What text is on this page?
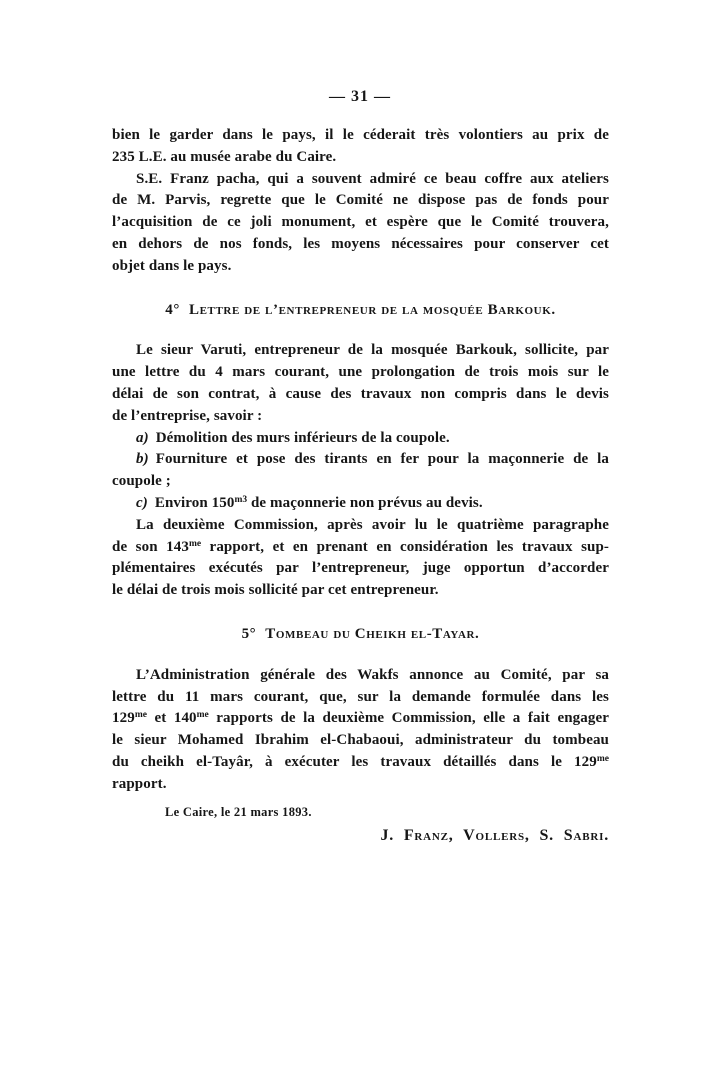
— 31 —
bien le garder dans le pays, il le céderait très volontiers au prix de
235 L.E. au musée arabe du Caire.
S.E. Franz pacha, qui a souvent admiré ce beau coffre aux ateliers
de M. Parvis, regrette que le Comité ne dispose pas de fonds pour
l’acquisition de ce joli monument, et espère que le Comité trouvera,
en dehors de nos fonds, les moyens nécessaires pour conserver cet
objet dans le pays.
4° Lettre de l’entrepreneur de la mosquée Barkouk.
Le sieur Varuti, entrepreneur de la mosquée Barkouk, sollicite, par
une lettre du 4 mars courant, une prolongation de trois mois sur le
délai de son contrat, à cause des travaux non compris dans le devis
de l’entreprise, savoir :
a) Démolition des murs inférieurs de la coupole.
b) Fourniture et pose des tirants en fer pour la maçonnerie de la
coupole ;
c) Environ $150^{m3}$ de maçonnerie non prévus au devis.
La deuxième Commission, après avoir lu le quatrième paragraphe
de son $143^{me}$ rapport, et en prenant en considération les travaux sup-
plémentaires exécutés par l’entrepreneur, juge opportun d’accorder
le délai de trois mois sollicité par cet entrepreneur.
5° Tombeau du Cheikh el-Tayar.
L’Administration générale des Wakfs annonce au Comité, par sa
lettre du 11 mars courant, que, sur la demande formulée dans les
$129^{me}$ et $140^{me}$ rapports de la deuxième Commission, elle a fait engager
le sieur Mohamed Ibrahim el-Chabaoui, administrateur du tombeau
du cheikh el-Tayâr, à exécuter les travaux détaillés dans le $129^{me}$
rapport.
Le Caire, le 21 mars 1893.
J. Franz, Vollers, S. Sabri.
